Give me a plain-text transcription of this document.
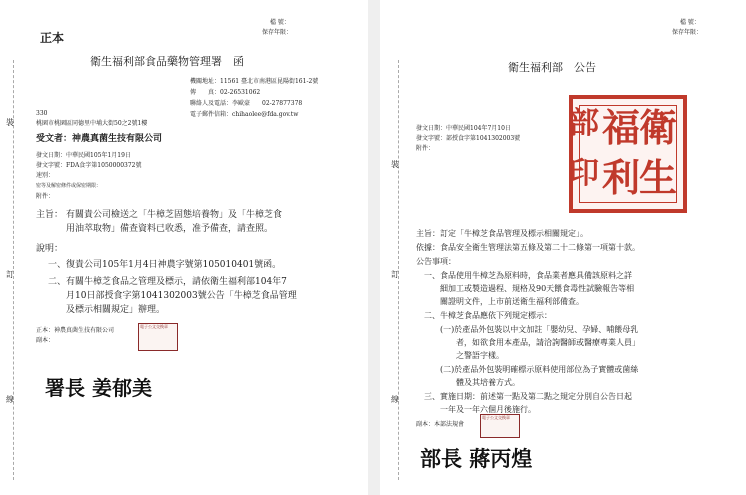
裝
訂
線
正本
檔 號：
保存年限：
衛生福利部食品藥物管理署　函
機關地址：11561 臺北市南港區昆陽街161-2號
傳　　真：02-26531062
聯絡人及電話：李歐豪　　02-27877378
電子郵件信箱：chihaolee@fda.gov.tw
330
桃園市桃園區同德里中埔大街50之2號1樓
受文者：神農真菌生技有限公司
發文日期：中華民國105年1月19日
發文字號：FDA食字第1050000372號
速別：
密等及解密條件或保密期限：
附件：
主旨： 有關貴公司檢送之「牛樟芝固態培養物」及「牛樟芝食
用油萃取物」備查資料已收悉，准予備查，請查照。
說明：
一、復貴公司105年1月4日神農字號第105010401號函。
二、有關牛樟芝食品之管理及標示，請依衛生福利部104年7
月10日部授食字第1041302003號公告「牛樟芝食品管理
及標示相關規定」辦理。
正本：神農真菌生技有限公司
副本：
電子公文交換章
署長 姜郁美
裝
訂
線
檔 號：
保存年限：
衛生福利部　公告
衛
生
福
利
部
印
發文日期：中華民國104年7月10日
發文字號：部授食字第1041302003號
附件：
主旨：訂定「牛樟芝食品管理及標示相關規定」。
依據：食品安全衛生管理法第五條及第二十二條第一項第十款。
公告事項：
一、食品使用牛樟芝為原料時，食品業者應具備該原料之詳
細加工或製造過程、規格及90天餵食毒性試驗報告等相
關證明文件，上市前送衛生福利部備查。
二、牛樟芝食品應依下列規定標示：
(一)於產品外包裝以中文加註「嬰幼兒、孕婦、哺餵母乳
者，如欲食用本產品，請洽詢醫師或醫療專業人員」
之警語字樣。
(二)於產品外包裝明確標示原料使用部位為子實體或菌絲
體及其培養方式。
三、實施日期：前述第一點及第二點之規定分別自公告日起
一年及一年六個月後施行。
副本：本部法規會
電子公文交換章
部長 蔣丙煌
